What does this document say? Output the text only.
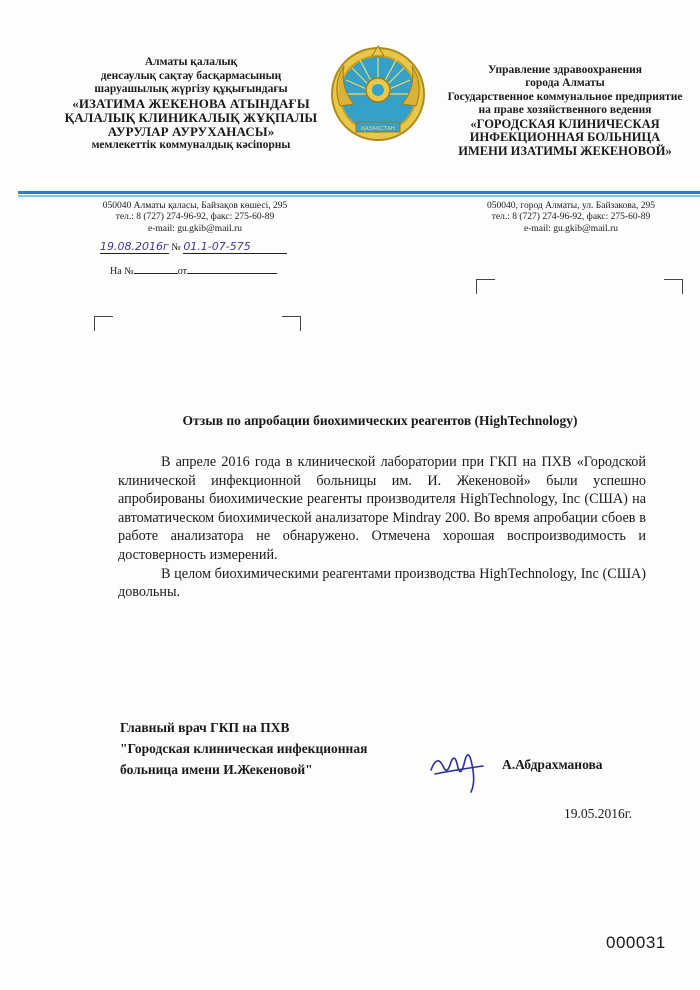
Алматы қалалық
денсаулық сақтау басқармасының
шаруашылық жүргізу құқығындағы
«ИЗАТИМА ЖЕКЕНОВА АТЫНДАҒЫ
ҚАЛАЛЫҚ КЛИНИКАЛЫҚ ЖҰҚПАЛЫ
АУРУЛАР АУРУХАНАСЫ»
мемлекеттік коммуналдық кәсіпорны
ҚАЗАҚСТАН
Управление здравоохранения
города Алматы
Государственное коммунальное предприятие
на праве хозяйственного ведения
«ГОРОДСКАЯ КЛИНИЧЕСКАЯ
ИНФЕКЦИОННАЯ БОЛЬНИЦА
ИМЕНИ ИЗАТИМЫ ЖЕКЕНОВОЙ»
050040 Алматы қаласы, Байзақов көшесі, 295
тел.: 8 (727) 274-96-92, факс: 275-60-89
e-mail: gu.gkib@mail.ru
050040, город Алматы, ул. Байзакова, 295
тел.: 8 (727) 274-96-92, факс: 275-60-89
e-mail: gu.gkib@mail.ru
19.08.2016г № 01.1-07-575
На №	от
Отзыв по апробации биохимических реагентов (HighTechnology)

В апреле 2016 года в клинической лаборатории при ГКП на ПХВ «Городской клинической инфекционной больницы им. И. Жекеновой» были успешно апробированы биохимические реагенты производителя HighTechnology, Inc (США) на автоматическом биохимической анализаторе Mindray 200. Во время апробации сбоев в работе анализатора не обнаружено. Отмечена хорошая воспроизводимость и достоверность измерений.

В целом биохимическими реагентами производства HighTechnology, Inc (США) довольны.

Главный врач ГКП на ПХВ
"Городская клиническая инфекционная
больница имени И.Жекеновой"	А.Абдрахманова
19.05.2016г.
000031
